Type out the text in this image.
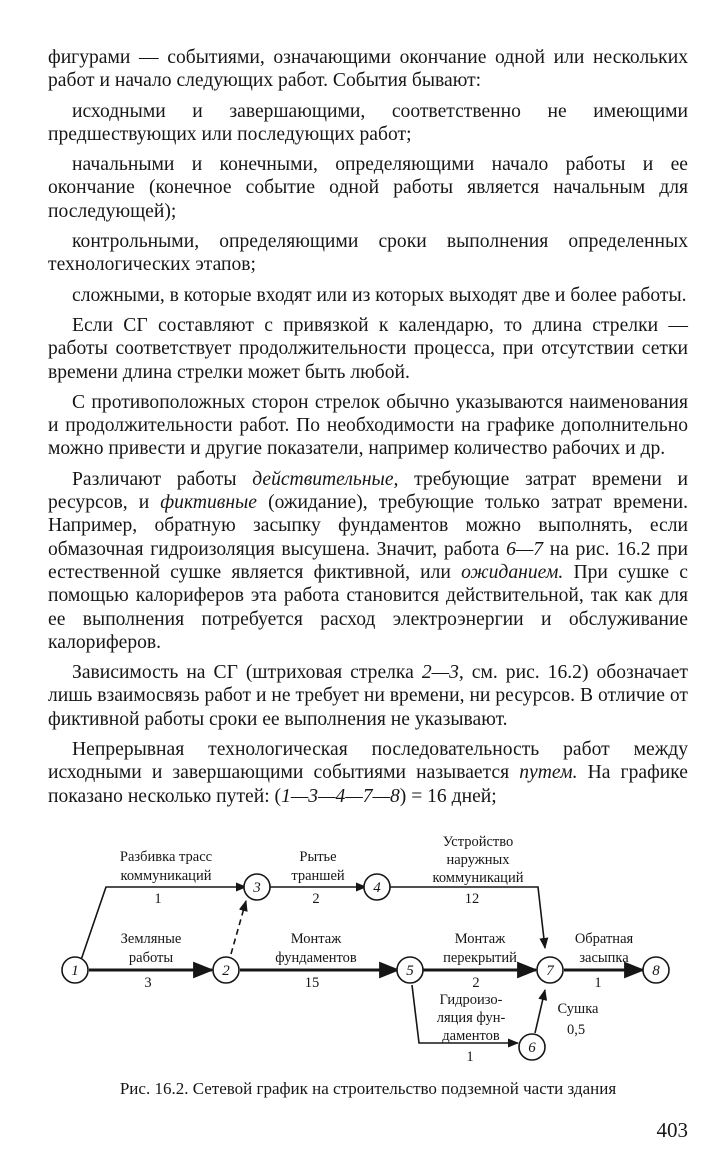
фигурами — событиями, означающими окончание одной или нескольких работ и начало следующих работ. События бывают:

исходными и завершающими, соответственно не имеющими предшествующих или последующих работ;

начальными и конечными, определяющими начало работы и ее окончание (конечное событие одной работы является начальным для последующей);

контрольными, определяющими сроки выполнения определенных технологических этапов;

сложными, в которые входят или из которых выходят две и более работы.

Если СГ составляют с привязкой к календарю, то длина стрелки — работы соответствует продолжительности процесса, при отсутствии сетки времени длина стрелки может быть любой.

С противоположных сторон стрелок обычно указываются наименования и продолжительности работ. По необходимости на графике дополнительно можно привести и другие показатели, например количество рабочих и др.

Различают работы действительные, требующие затрат времени и ресурсов, и фиктивные (ожидание), требующие только затрат времени. Например, обратную засыпку фундаментов можно выполнять, если обмазочная гидроизоляция высушена. Значит, работа 6—7 на рис. 16.2 при естественной сушке является фиктивной, или ожиданием. При сушке с помощью калориферов эта работа становится действительной, так как для ее выполнения потребуется расход электроэнергии и обслуживание калориферов.

Зависимость на СГ (штриховая стрелка 2—3, см. рис. 16.2) обозначает лишь взаимосвязь работ и не требует ни времени, ни ресурсов. В отличие от фиктивной работы сроки ее выполнения не указывают.

Непрерывная технологическая последовательность работ между исходными и завершающими событиями называется путем. На графике показано несколько путей: (1—3—4—7—8) = 16 дней;

1	2
3	4
5
6
7	8
Разбивка трасс
коммуникаций
1
Рытье
траншей
2
Устройство
наружных
коммуникаций
12
Земляные
работы
3
Монтаж
фундаментов
15
Монтаж
перекрытий
2
Обратная
засыпка
1
Гидроизо-
ляция фун-
даментов
1
Сушка
0,5
Рис. 16.2. Сетевой график на строительство подземной части здания
403
